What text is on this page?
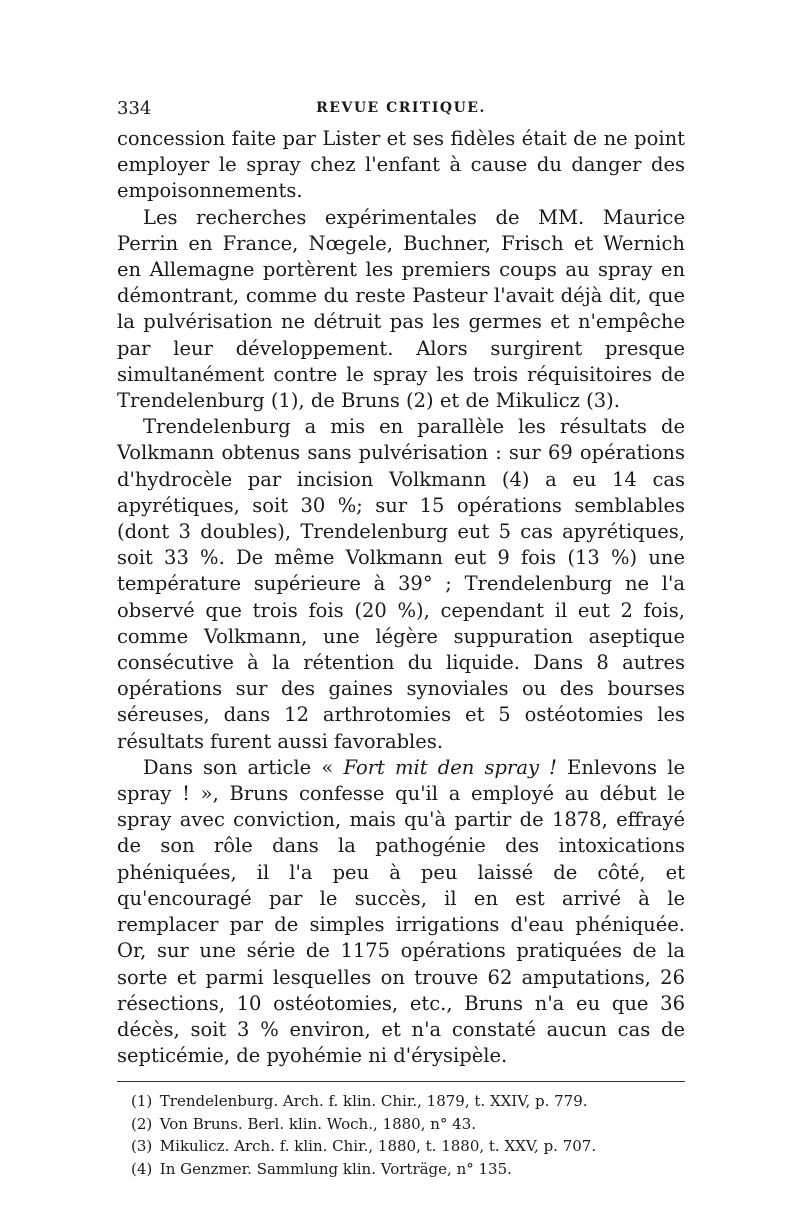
334	REVUE CRITIQUE.

concession faite par Lister et ses fidèles était de ne point employer le spray chez l'enfant à cause du danger des empoisonnements.

Les recherches expérimentales de MM. Maurice Perrin en France, Nœgele, Buchner, Frisch et Wernich en Allemagne portèrent les premiers coups au spray en démontrant, comme du reste Pasteur l'avait déjà dit, que la pulvérisation ne détruit pas les germes et n'empêche par leur développement. Alors surgirent presque simultanément contre le spray les trois réquisitoires de Trendelenburg (1), de Bruns (2) et de Mikulicz (3).

Trendelenburg a mis en parallèle les résultats de Volkmann obtenus sans pulvérisation : sur 69 opérations d'hydrocèle par incision Volkmann (4) a eu 14 cas apyrétiques, soit 30 %; sur 15 opérations semblables (dont 3 doubles), Trendelenburg eut 5 cas apyrétiques, soit 33 %. De même Volkmann eut 9 fois (13 %) une température supérieure à 39° ; Trendelenburg ne l'a observé que trois fois (20 %), cependant il eut 2 fois, comme Volkmann, une légère suppuration aseptique consécutive à la rétention du liquide. Dans 8 autres opérations sur des gaines synoviales ou des bourses séreuses, dans 12 arthrotomies et 5 ostéotomies les résultats furent aussi favorables.

Dans son article « Fort mit den spray ! Enlevons le spray ! », Bruns confesse qu'il a employé au début le spray avec conviction, mais qu'à partir de 1878, effrayé de son rôle dans la pathogénie des intoxications phéniquées, il l'a peu à peu laissé de côté, et qu'encouragé par le succès, il en est arrivé à le remplacer par de simples irrigations d'eau phéniquée. Or, sur une série de 1175 opérations pratiquées de la sorte et parmi lesquelles on trouve 62 amputations, 26 résections, 10 ostéotomies, etc., Bruns n'a eu que 36 décès, soit 3 % environ, et n'a constaté aucun cas de septicémie, de pyohémie ni d'érysipèle.

(1) Trendelenburg. Arch. f. klin. Chir., 1879, t. XXIV, p. 779.

(2) Von Bruns. Berl. klin. Woch., 1880, n° 43.

(3) Mikulicz. Arch. f. klin. Chir., 1880, t. 1880, t. XXV, p. 707.

(4) In Genzmer. Sammlung klin. Vorträge, n° 135.
